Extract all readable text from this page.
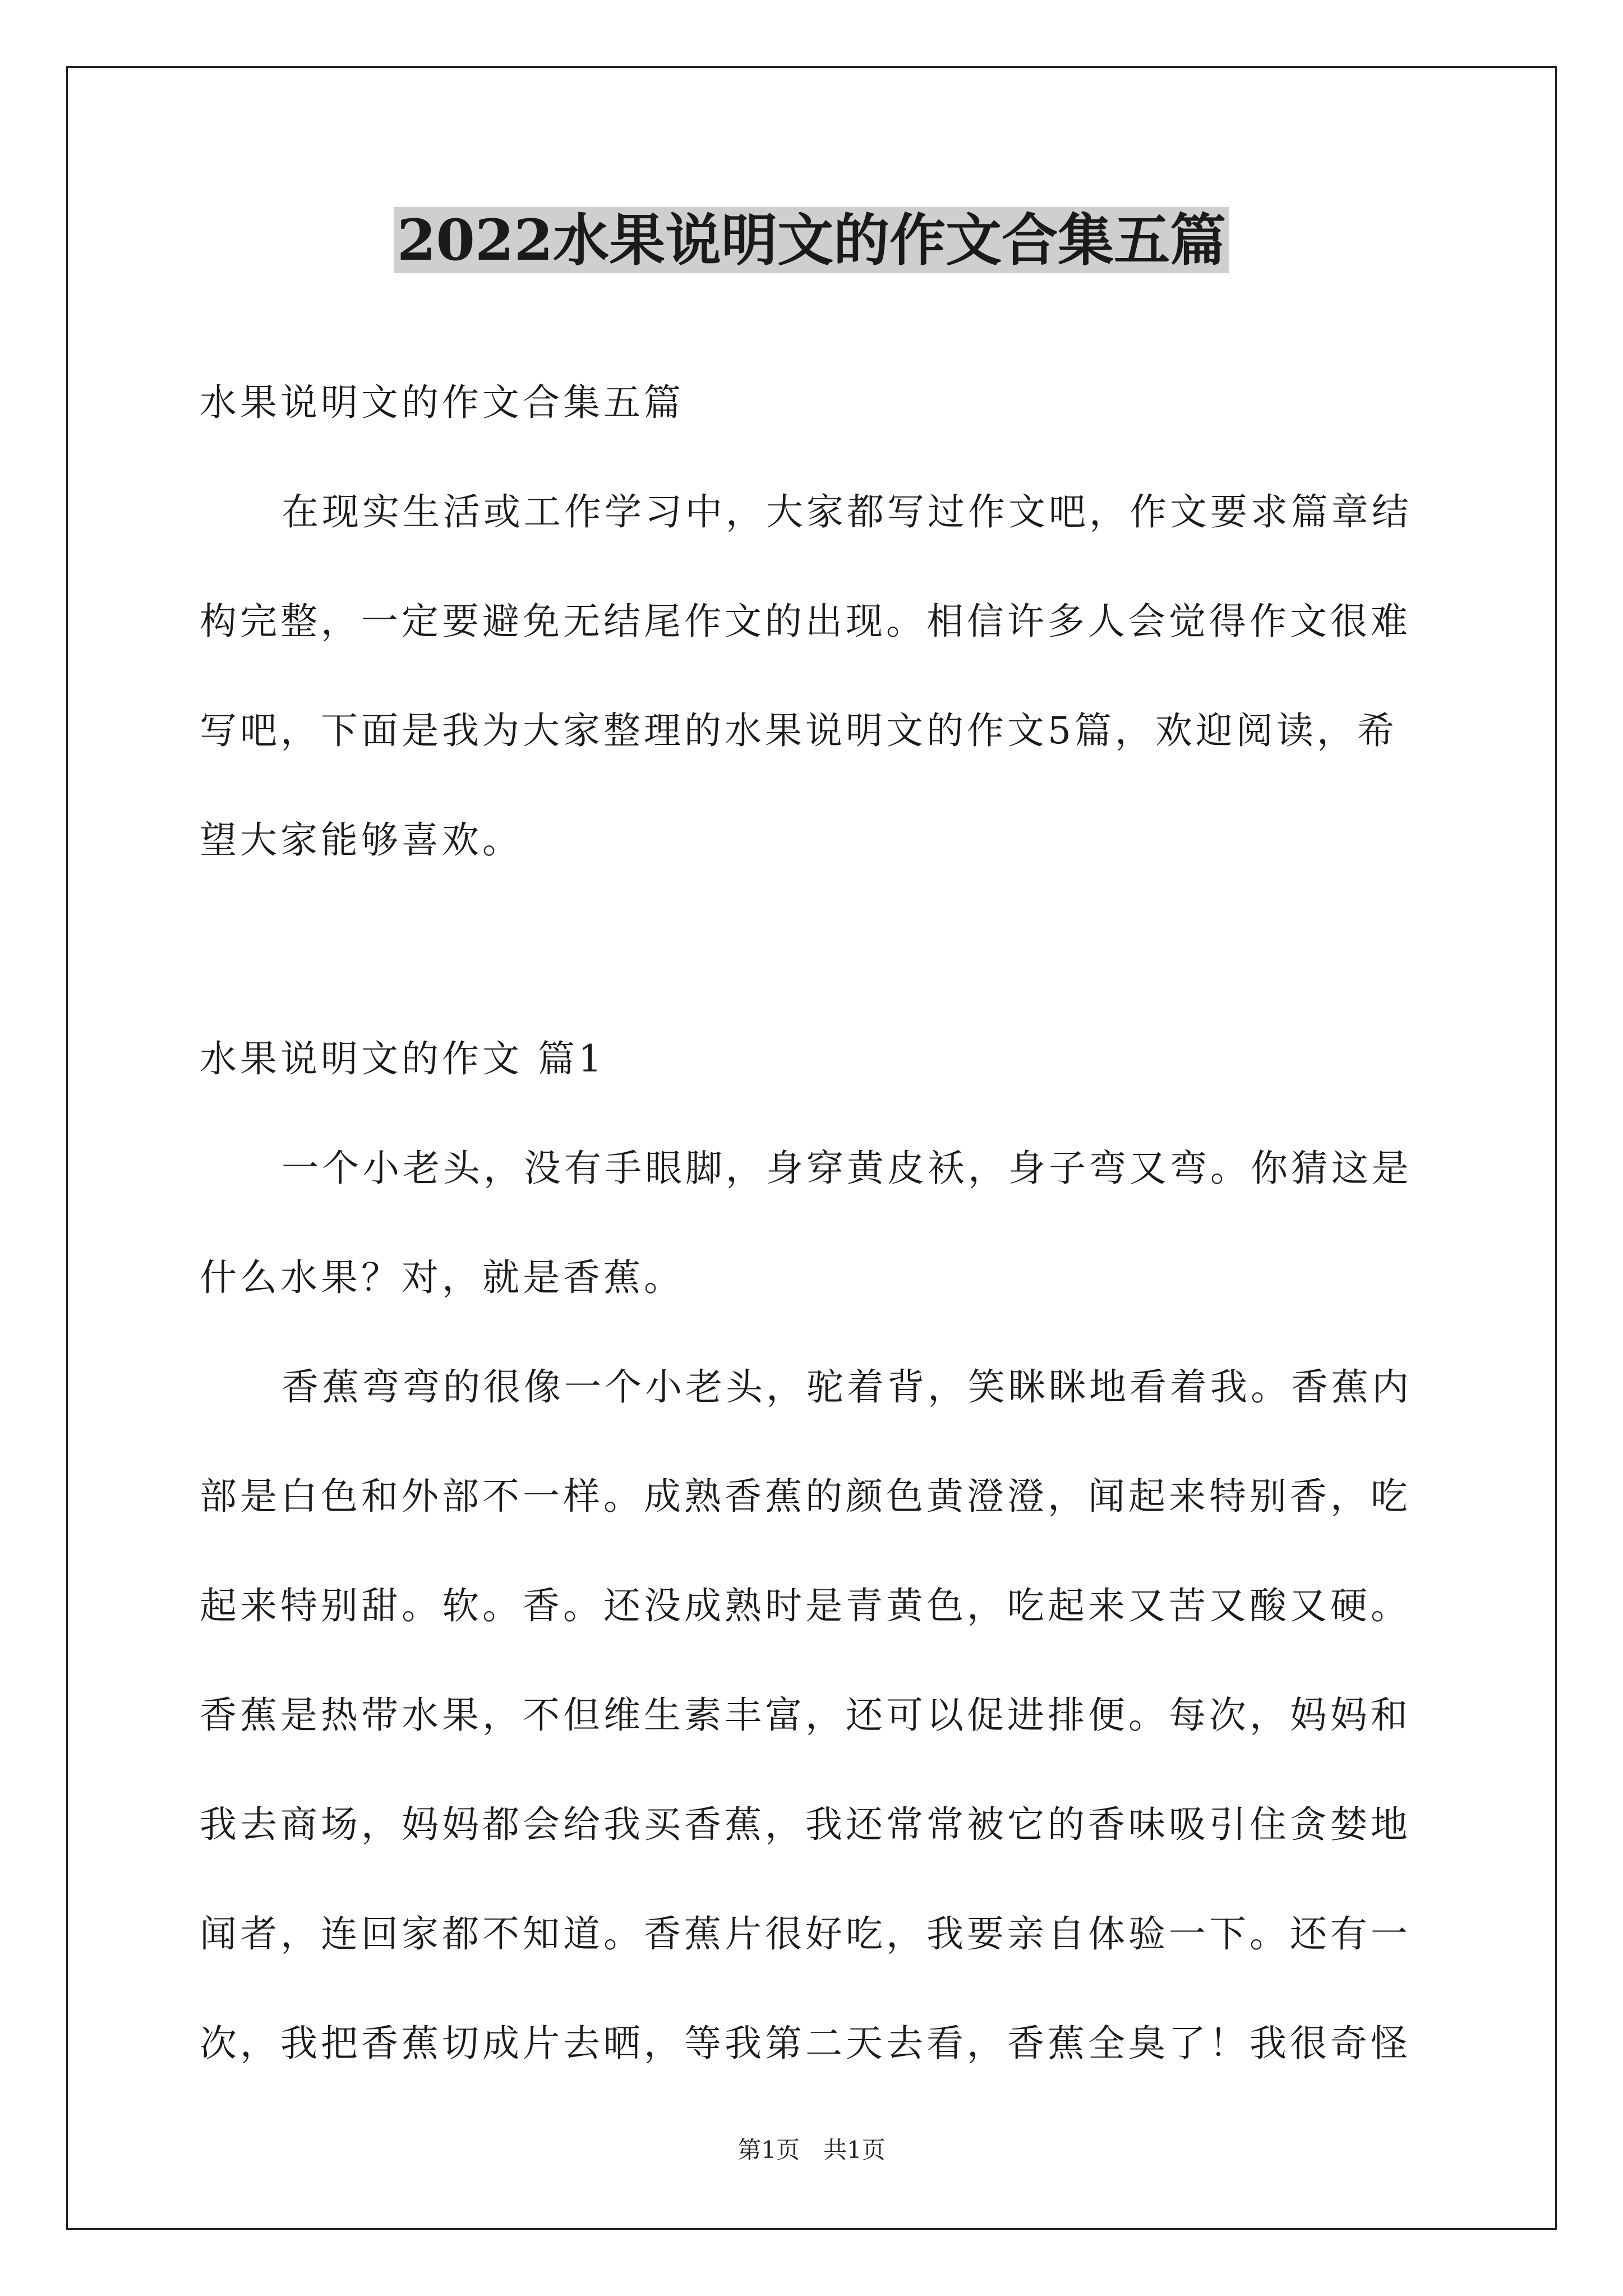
2022水果说明文的作文合集五篇

水果说明文的作文合集五篇

在现实生活或工作学习中，大家都写过作文吧，作文要求篇章结

构完整，一定要避免无结尾作文的出现。相信许多人会觉得作文很难

写吧，下面是我为大家整理的水果说明文的作文5篇，欢迎阅读，希

望大家能够喜欢。

水果说明文的作文 篇1

一个小老头，没有手眼脚，身穿黄皮袄，身子弯又弯。你猜这是

什么水果？对，就是香蕉。

香蕉弯弯的很像一个小老头，驼着背，笑眯眯地看着我。香蕉内

部是白色和外部不一样。成熟香蕉的颜色黄澄澄，闻起来特别香，吃

起来特别甜。软。香。还没成熟时是青黄色，吃起来又苦又酸又硬。

香蕉是热带水果，不但维生素丰富，还可以促进排便。每次，妈妈和

我去商场，妈妈都会给我买香蕉，我还常常被它的香味吸引住贪婪地

闻者，连回家都不知道。香蕉片很好吃，我要亲自体验一下。还有一

次，我把香蕉切成片去晒，等我第二天去看，香蕉全臭了！我很奇怪

第1页　共1页
